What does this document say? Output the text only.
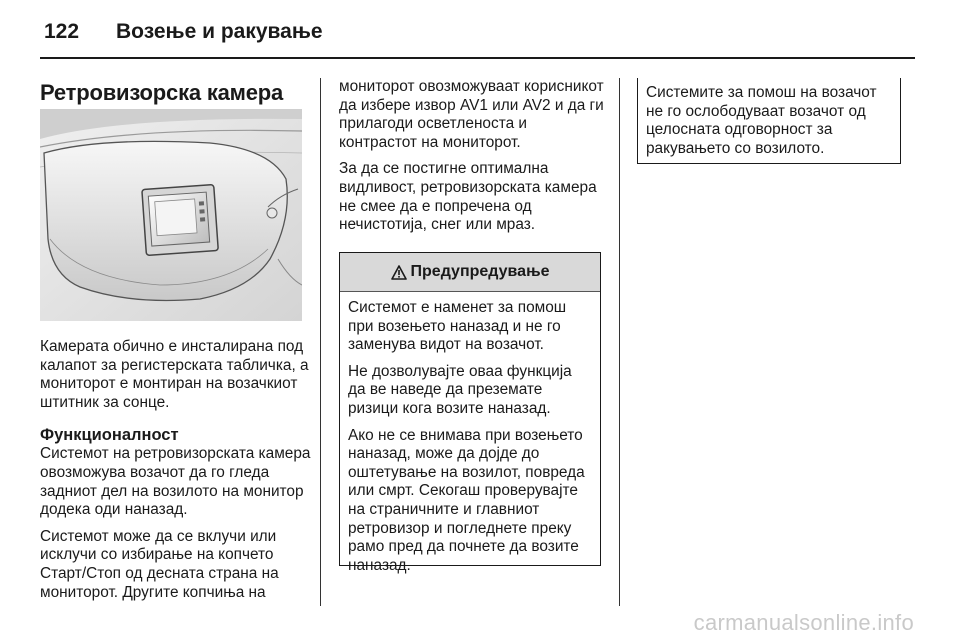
122 Возење и ракување
Ретровизорска камера

Камерата обично е инсталирана под калапот за регистерската табличка, а мониторот е монтиран на возачкиот штитник за сонце.

Функционалност

Системот на ретровизорската камера овозможува возачот да го гледа задниот дел на возилото на монитор додека оди наназад.

Системот може да се вклучи или исклучи со избирање на копчето Старт/Стоп од десната страна на мониторот. Другите копчиња на

мониторот овозможуваат корисникот да избере извор AV1 или AV2 и да ги прилагоди осветленоста и контрастот на мониторот.

За да се постигне оптимална видливост, ретровизорската камера не смее да е попречена од нечистотија, снег или мраз.

Предупредување

Системот е наменет за помош при возењето наназад и не го заменува видот на возачот.

Не дозволувајте оваа функција да ве наведе да преземате ризици кога возите наназад.

Ако не се внимава при возењето наназад, може да дојде до оштетување на возилот, повреда или смрт. Секогаш проверувајте на страничните и главниот ретровизор и погледнете преку рамо пред да почнете да возите наназад.

Системите за помош на возачот не го ослободуваат возачот од целосната одговорност за ракувањето со возилото.

carmanualsonline.info
